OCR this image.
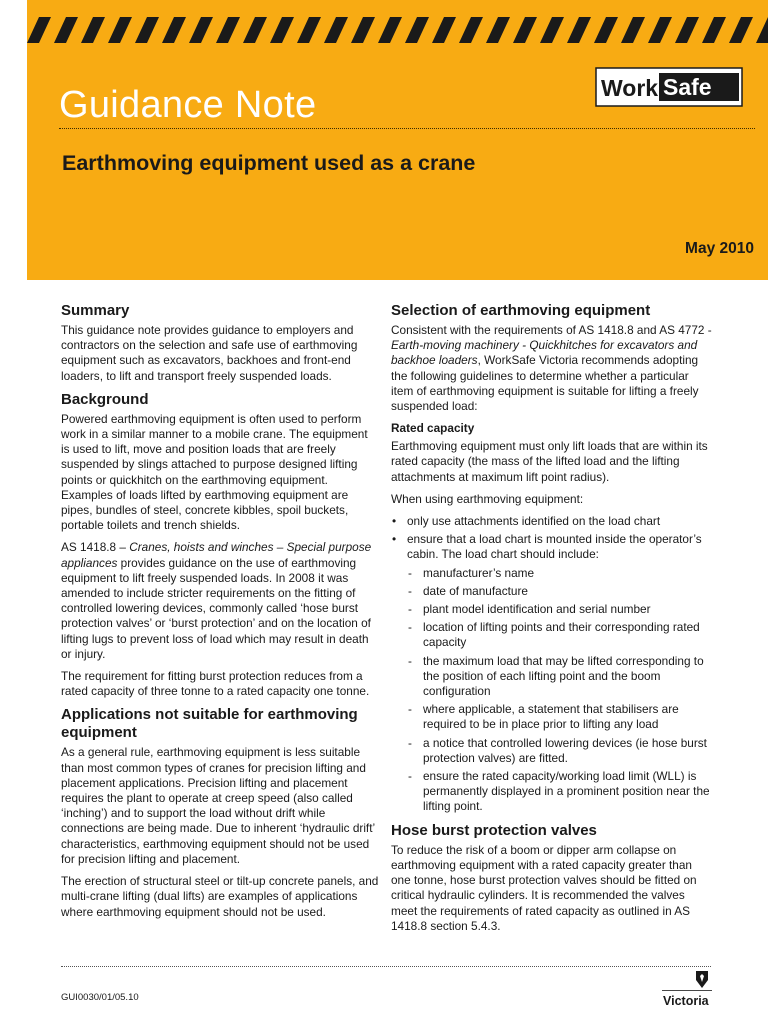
Guidance Note
Earthmoving equipment used as a crane
May 2010
Work Safe
VICTORIA
Summary

This guidance note provides guidance to employers and contractors on the selection and safe use of earthmoving equipment such as excavators, backhoes and front-end loaders, to lift and transport freely suspended loads.

Background

Powered earthmoving equipment is often used to perform work in a similar manner to a mobile crane. The equipment is used to lift, move and position loads that are freely suspended by slings attached to purpose designed lifting points or quickhitch on the earthmoving equipment. Examples of loads lifted by earthmoving equipment are pipes, bundles of steel, concrete kibbles, spoil buckets, portable toilets and trench shields.

AS 1418.8 – Cranes, hoists and winches – Special purpose appliances provides guidance on the use of earthmoving equipment to lift freely suspended loads. In 2008 it was amended to include stricter requirements on the fitting of controlled lowering devices, commonly called ‘hose burst protection valves’ or ‘burst protection’ and on the location of lifting lugs to prevent loss of load which may result in death or injury.

The requirement for fitting burst protection reduces from a rated capacity of three tonne to a rated capacity one tonne.

Applications not suitable for earthmoving equipment

As a general rule, earthmoving equipment is less suitable than most common types of cranes for precision lifting and placement applications. Precision lifting and placement requires the plant to operate at creep speed (also called ‘inching’) and to support the load without drift while connections are being made. Due to inherent ‘hydraulic drift’ characteristics, earthmoving equipment should not be used for precision lifting and placement.

The erection of structural steel or tilt-up concrete panels, and multi-crane lifting (dual lifts) are examples of applications where earthmoving equipment should not be used.

Selection of earthmoving equipment

Consistent with the requirements of AS 1418.8 and AS 4772 - Earth-moving machinery - Quickhitches for excavators and backhoe loaders, WorkSafe Victoria recommends adopting the following guidelines to determine whether a particular item of earthmoving equipment is suitable for lifting a freely suspended load:

Rated capacity

Earthmoving equipment must only lift loads that are within its rated capacity (the mass of the lifted load and the lifting attachments at maximum lift point radius).

When using earthmoving equipment:

• only use attachments identified on the load chart
• ensure that a load chart is mounted inside the operator’s cabin. The load chart should include:
- manufacturer’s name
- date of manufacture
- plant model identification and serial number
- location of lifting points and their corresponding rated capacity
- the maximum load that may be lifted corresponding to the position of each lifting point and the boom configuration
- where applicable, a statement that stabilisers are required to be in place prior to lifting any load
- a notice that controlled lowering devices (ie hose burst protection valves) are fitted.
- ensure the rated capacity/working load limit (WLL) is permanently displayed in a prominent position near the lifting point.
Hose burst protection valves

To reduce the risk of a boom or dipper arm collapse on earthmoving equipment with a rated capacity greater than one tonne, hose burst protection valves should be fitted on critical hydraulic cylinders. It is recommended the valves meet the requirements of rated capacity as outlined in AS 1418.8 section 5.4.3.

GUI0030/01/05.10	Victoria
